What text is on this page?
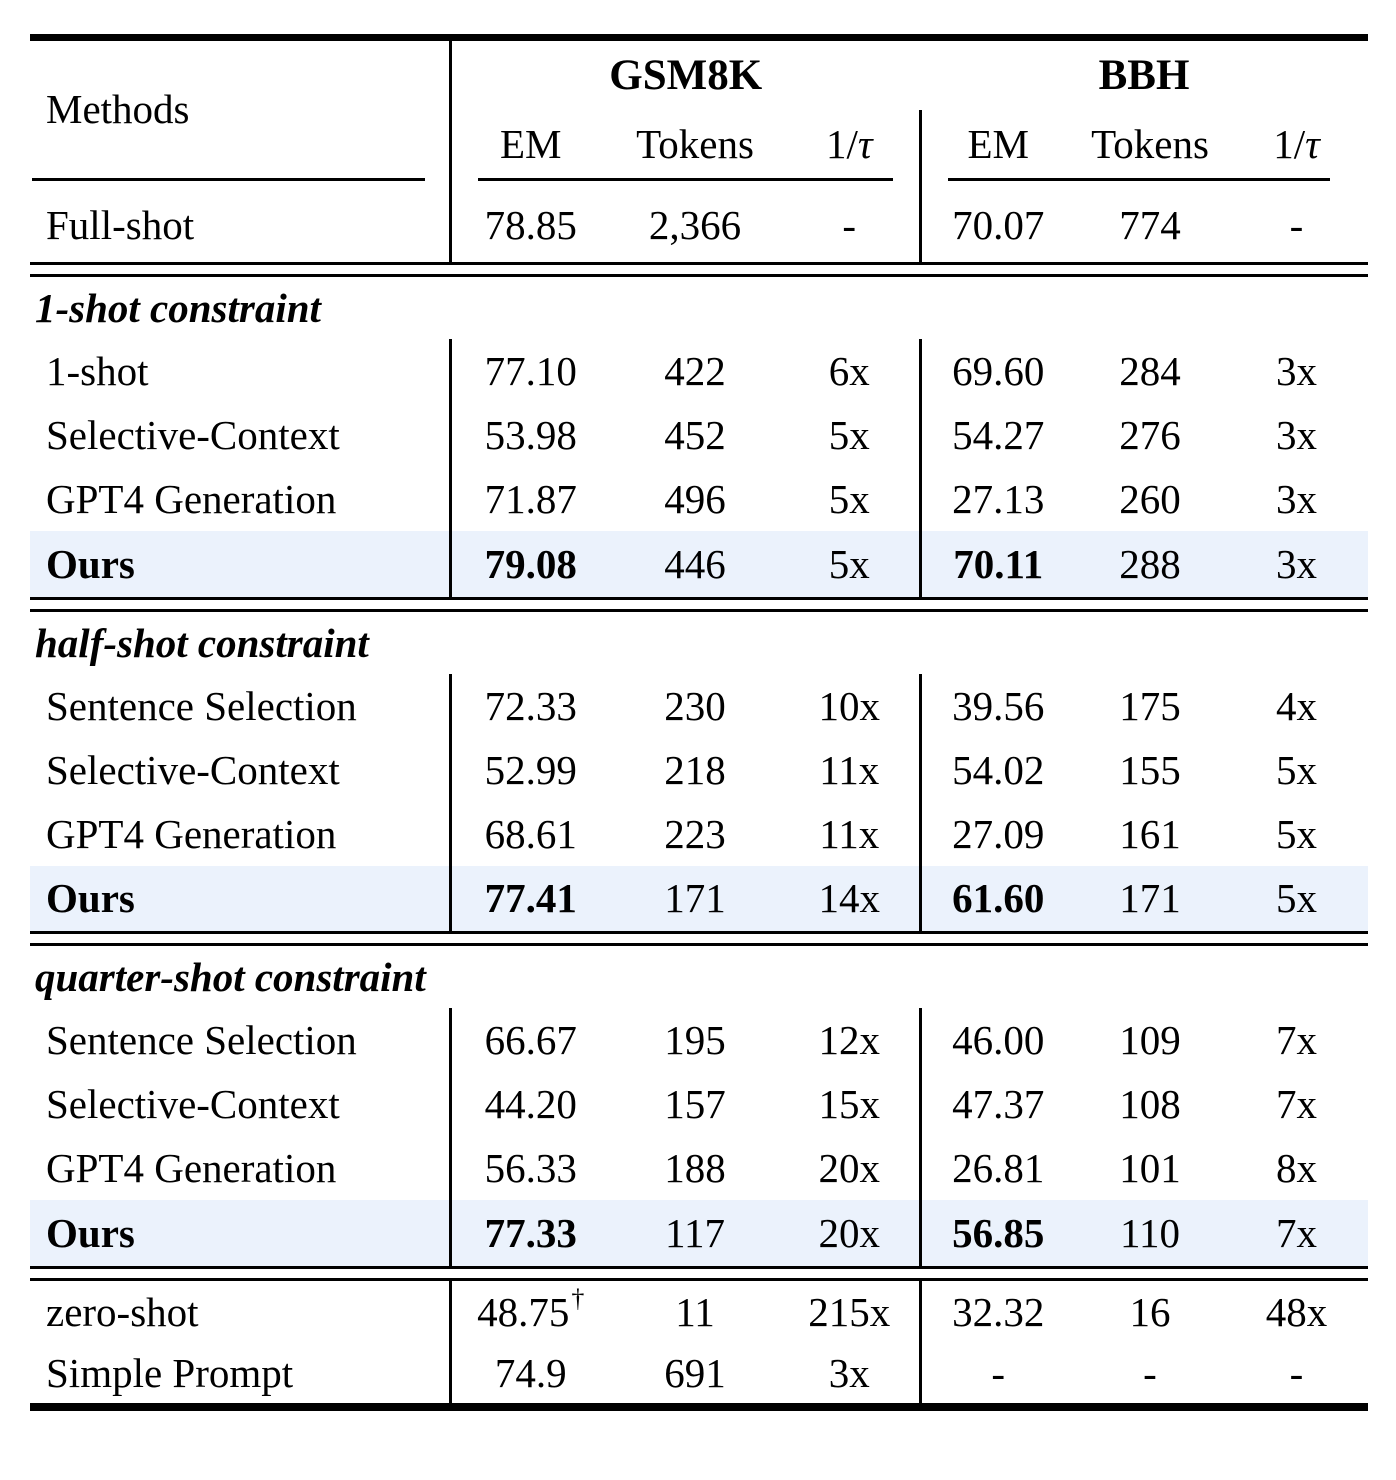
Methods	GSM8K			BBH		
	EM	Tokens	1/τ	EM	Tokens	1/τ

Full-shot	78.85	2,366	-	70.07	774	-

1-shot constraint						
1-shot	77.10	422	6x	69.60	284	3x
Selective-Context	53.98	452	5x	54.27	276	3x
GPT4 Generation	71.87	496	5x	27.13	260	3x
Ours	79.08	446	5x	70.11	288	3x

half-shot constraint						
Sentence Selection	72.33	230	10x	39.56	175	4x
Selective-Context	52.99	218	11x	54.02	155	5x
GPT4 Generation	68.61	223	11x	27.09	161	5x
Ours	77.41	171	14x	61.60	171	5x

quarter-shot constraint						
Sentence Selection	66.67	195	12x	46.00	109	7x
Selective-Context	44.20	157	15x	47.37	108	7x
GPT4 Generation	56.33	188	20x	26.81	101	8x
Ours	77.33	117	20x	56.85	110	7x

zero-shot	48.75†	11	215x	32.32	16	48x
Simple Prompt	74.9	691	3x	-	-	-
